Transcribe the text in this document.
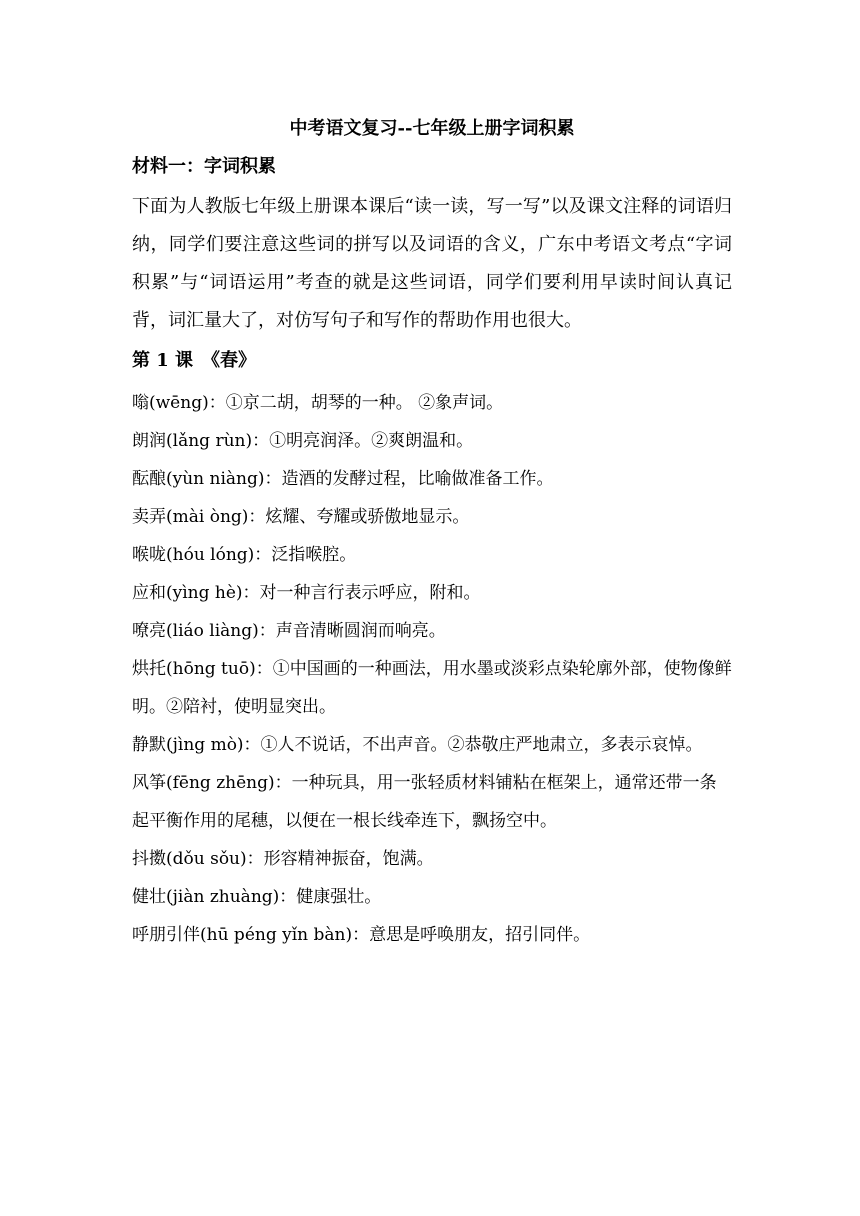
中考语文复习--七年级上册字词积累
材料一：字词积累
下面为人教版七年级上册课本课后“读一读，写一写”以及课文注释的词语归纳，同学们要注意这些词的拼写以及词语的含义，广东中考语文考点“字词积累”与“词语运用”考查的就是这些词语，同学们要利用早读时间认真记背，词汇量大了，对仿写句子和写作的帮助作用也很大。
第 1 课　《春》
嗡(wēng)：①京二胡，胡琴的一种。 ②象声词。
朗润(lǎng rùn)：①明亮润泽。②爽朗温和。
酝酿(yùn niàng)：造酒的发酵过程，比喻做准备工作。
卖弄(mài òng)：炫耀、夸耀或骄傲地显示。
喉咙(hóu lóng)：泛指喉腔。
应和(yìng hè)：对一种言行表示呼应，附和。
嘹亮(liáo liàng)：声音清晰圆润而响亮。
烘托(hōng tuō)：①中国画的一种画法，用水墨或淡彩点染轮廓外部，使物像鲜明。②陪衬，使明显突出。
静默(jìng mò)：①人不说话，不出声音。②恭敬庄严地肃立，多表示哀悼。
风筝(fēng zhēng)：一种玩具，用一张轻质材料铺粘在框架上，通常还带一条起平衡作用的尾穗，以便在一根长线牵连下，飘扬空中。
抖擞(dǒu sǒu)：形容精神振奋，饱满。
健壮(jiàn zhuàng)：健康强壮。
呼朋引伴(hū péng yǐn bàn)：意思是呼唤朋友，招引同伴。
